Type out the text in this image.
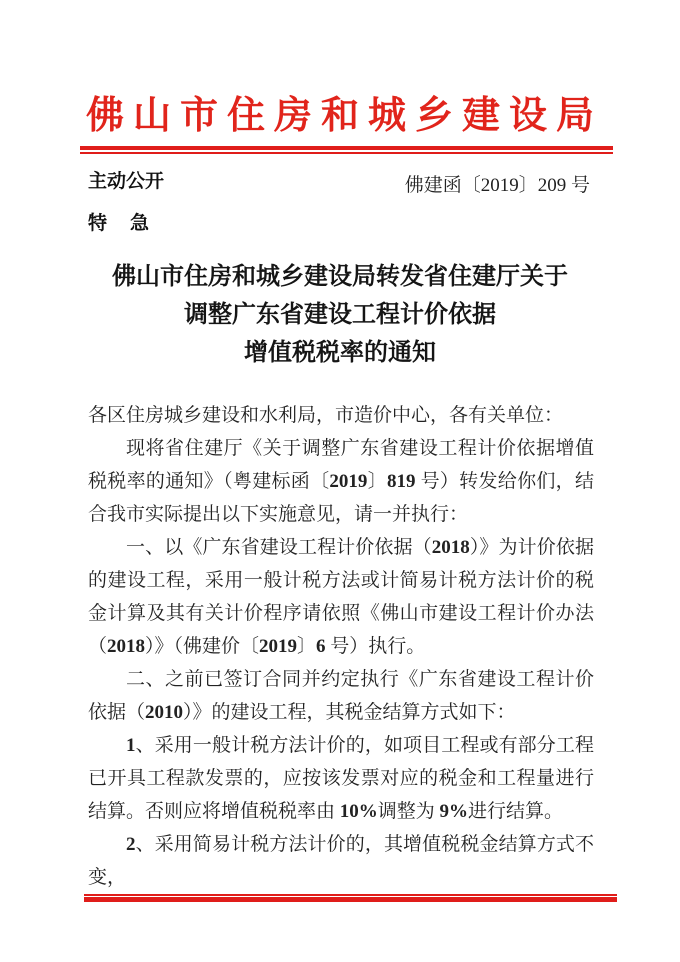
佛山市住房和城乡建设局
主动公开
特　急
佛建函〔2019〕209 号
佛山市住房和城乡建设局转发省住建厅关于
调整广东省建设工程计价依据
增值税税率的通知

各区住房城乡建设和水利局，市造价中心，各有关单位：

现将省住建厅《关于调整广东省建设工程计价依据增值税税率的通知》（粤建标函〔2019〕819 号）转发给你们，结合我市实际提出以下实施意见，请一并执行：

一、以《广东省建设工程计价依据（2018）》为计价依据的建设工程，采用一般计税方法或计简易计税方法计价的税金计算及其有关计价程序请依照《佛山市建设工程计价办法（2018）》（佛建价〔2019〕6 号）执行。

二、之前已签订合同并约定执行《广东省建设工程计价依据（2010）》的建设工程，其税金结算方式如下：

1、采用一般计税方法计价的，如项目工程或有部分工程已开具工程款发票的，应按该发票对应的税金和工程量进行结算。否则应将增值税税率由 10%调整为 9%进行结算。

2、采用简易计税方法计价的，其增值税税金结算方式不变，
